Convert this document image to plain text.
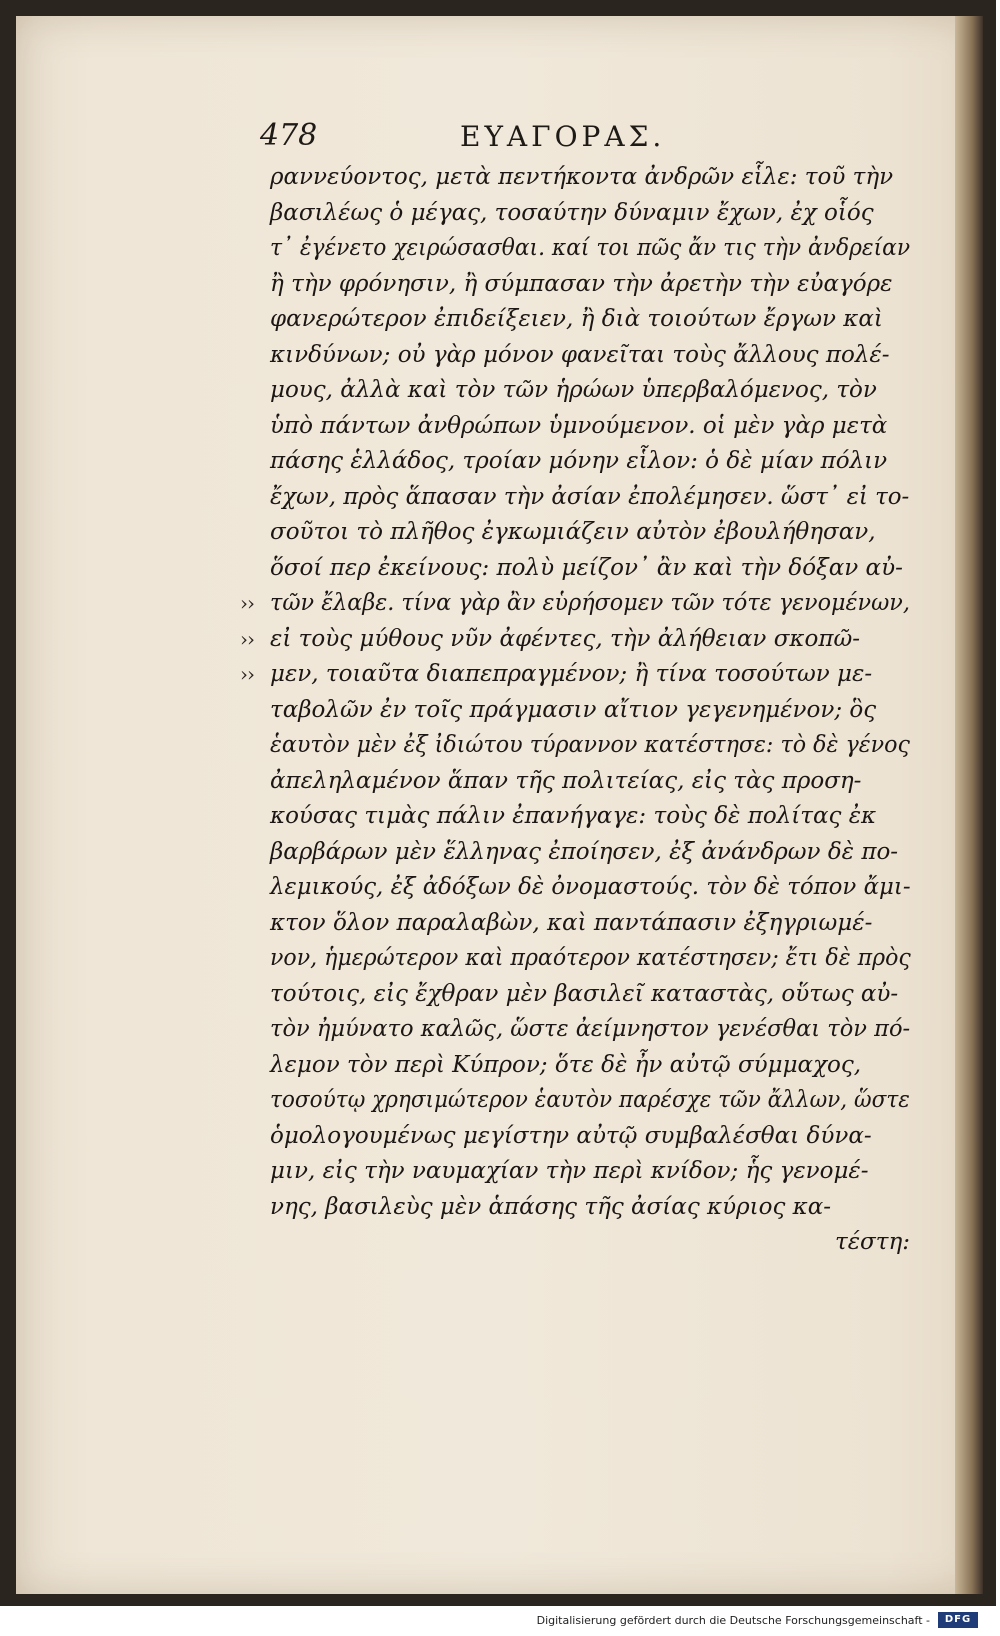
478	ΕΥΑΓΟΡΑΣ.
ραννεύοντος, μετὰ πεντήκοντα ἀνδρῶν εἷλε: τοῦ τὴν
βασιλέως ὁ μέγας, τοσαύτην δύναμιν ἔχων, ἐχ οἷός
τ᾽ ἐγένετο χειρώσασθαι. καί τοι πῶς ἄν τις τὴν ἀνδρείαν
ἢ τὴν φρόνησιν, ἢ σύμπασαν τὴν ἀρετὴν τὴν εὐαγόρε
φανερώτερον ἐπιδείξειεν, ἢ διὰ τοιούτων ἔργων καὶ
κινδύνων; οὐ γὰρ μόνον φανεῖται τοὺς ἄλλους πολέ-
μους, ἀλλὰ καὶ τὸν τῶν ἡρώων ὑπερβαλόμενος, τὸν
ὑπὸ πάντων ἀνθρώπων ὑμνούμενον. οἱ μὲν γὰρ μετὰ
πάσης ἑλλάδος, τροίαν μόνην εἷλον: ὁ δὲ μίαν πόλιν
ἔχων, πρὸς ἅπασαν τὴν ἀσίαν ἐπολέμησεν. ὥστ᾽ εἰ το-
σοῦτοι τὸ πλῆθος ἐγκωμιάζειν αὐτὸν ἐβουλήθησαν,
ὅσοί περ ἐκείνους: πολὺ μείζον᾽ ἂν καὶ τὴν δόξαν αὐ-
›› τῶν ἔλαβε. τίνα γὰρ ἂν εὑρήσομεν τῶν τότε γενομένων,
›› εἰ τοὺς μύθους νῦν ἀφέντες, τὴν ἀλήθειαν σκοπῶ-
›› μεν, τοιαῦτα διαπεπραγμένον; ἢ τίνα τοσούτων με-
ταβολῶν ἐν τοῖς πράγμασιν αἴτιον γεγενημένον; ὃς
ἑαυτὸν μὲν ἐξ ἰδιώτου τύραννον κατέστησε: τὸ δὲ γένος
ἀπεληλαμένον ἅπαν τῆς πολιτείας, εἰς τὰς προση-
κούσας τιμὰς πάλιν ἐπανήγαγε: τοὺς δὲ πολίτας ἐκ
βαρβάρων μὲν ἕλληνας ἐποίησεν, ἐξ ἀνάνδρων δὲ πο-
λεμικούς, ἐξ ἀδόξων δὲ ὀνομαστούς. τὸν δὲ τόπον ἄμι-
κτον ὅλον παραλαβὼν, καὶ παντάπασιν ἐξηγριωμέ-
νον, ἡμερώτερον καὶ πραότερον κατέστησεν; ἔτι δὲ πρὸς
τούτοις, εἰς ἔχθραν μὲν βασιλεῖ καταστὰς, οὕτως αὐ-
τὸν ἠμύνατο καλῶς, ὥστε ἀείμνηστον γενέσθαι τὸν πό-
λεμον τὸν περὶ Κύπρον; ὅτε δὲ ἦν αὐτῷ σύμμαχος,
τοσούτῳ χρησιμώτερον ἑαυτὸν παρέσχε τῶν ἄλλων, ὥστε
ὁμολογουμένως μεγίστην αὐτῷ συμβαλέσθαι δύνα-
μιν, εἰς τὴν ναυμαχίαν τὴν περὶ κνίδον; ἧς γενομέ-
νης, βασιλεὺς μὲν ἁπάσης τῆς ἀσίας κύριος κα-
τέστη:
Digitalisierung gefördert durch die Deutsche Forschungsgemeinschaft -	DFG
